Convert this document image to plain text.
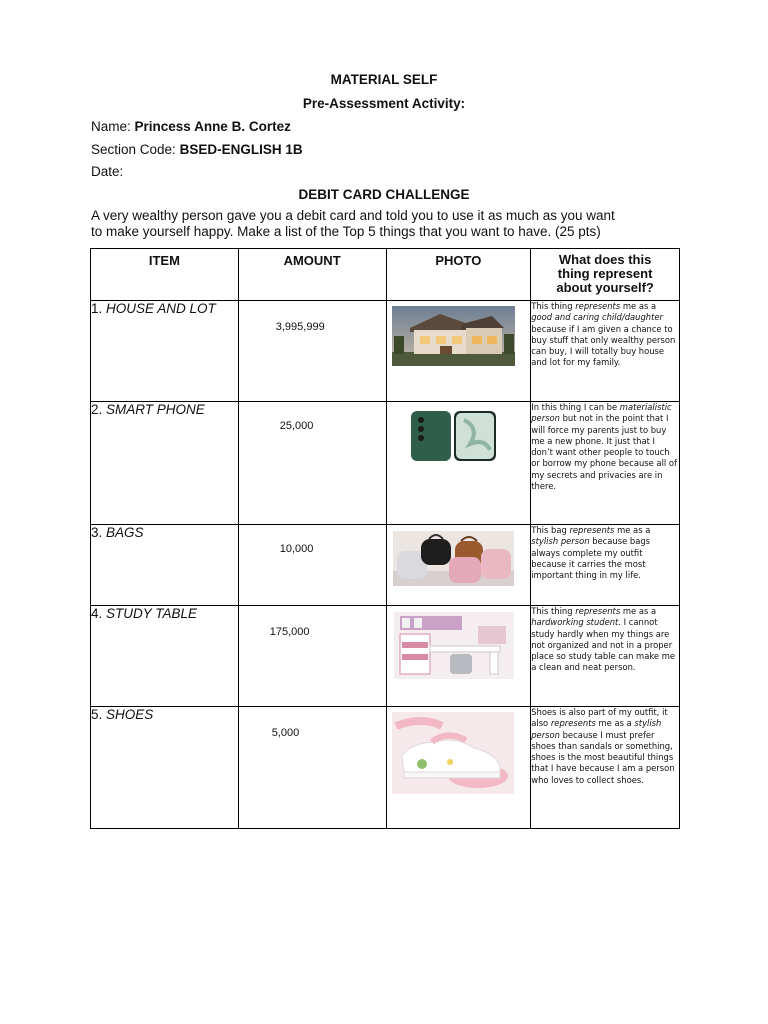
MATERIAL SELF
Pre-Assessment Activity:
Name: Princess Anne B. Cortez
Section Code: BSED-ENGLISH 1B
Date:
DEBIT CARD CHALLENGE
A very wealthy person gave you a debit card and told you to use it as much as you want
to make yourself happy. Make a list of the Top 5 things that you want to have. (25 pts)
ITEM	AMOUNT	PHOTO	What does this
thing represent
about yourself?

1. HOUSE AND LOT	3,995,999		This thing represents me as a good and caring child/daughter because if I am given a chance to buy stuff that only wealthy person can buy, I will totally buy house and lot for my family.
2. SMART PHONE	25,000		In this thing I can be materialistic person but not in the point that I will force my parents just to buy me a new phone. It just that I don’t want other people to touch or borrow my phone because all of my secrets and privacies are in there.
3. BAGS	10,000		This bag represents me as a stylish person because bags always complete my outfit because it carries the most important thing in my life.
4. STUDY TABLE	175,000		This thing represents me as a hardworking student. I cannot study hardly when my things are not organized and not in a proper place so study table can make me a clean and neat person.
5. SHOES	5,000		Shoes is also part of my outfit, it also represents me as a stylish person because I must prefer shoes than sandals or something, shoes is the most beautiful things that I have because I am a person who loves to collect shoes.
